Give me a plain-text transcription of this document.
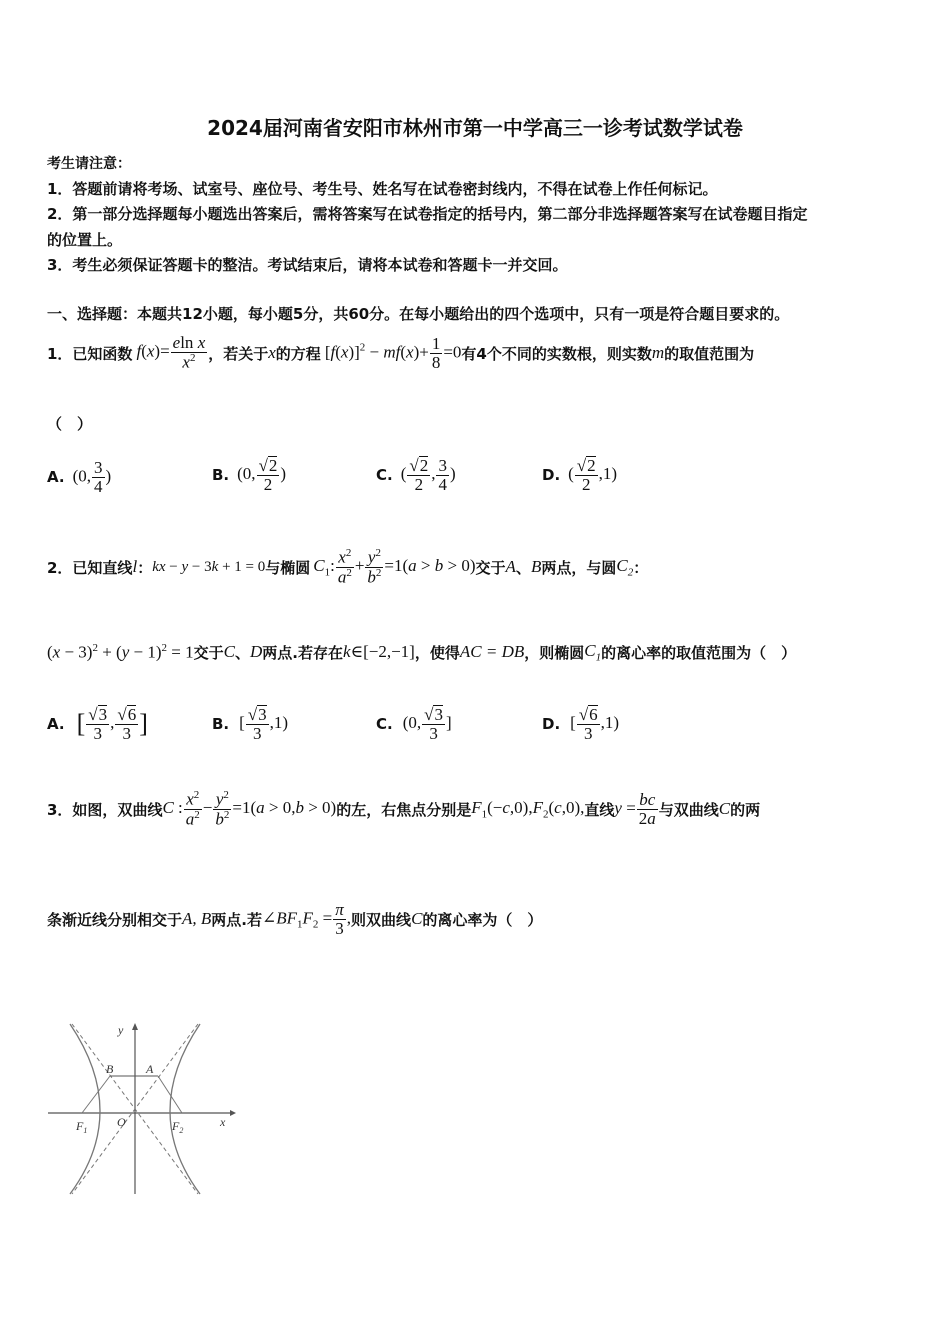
2024届河南省安阳市林州市第一中学高三一诊考试数学试卷
考生请注意：
1．答题前请将考场、试室号、座位号、考生号、姓名写在试卷密封线内，不得在试卷上作任何标记。
2．第一部分选择题每小题选出答案后，需将答案写在试卷指定的括号内，第二部分非选择题答案写在试卷题目指定
的位置上。
3．考生必须保证答题卡的整洁。考试结束后，请将本试卷和答题卡一并交回。
一、选择题：本题共12小题，每小题5分，共60分。在每小题给出的四个选项中，只有一项是符合题目要求的。
1．已知函数 $f(x)= \frac{\text{eln x}}{x^2}$ ，若关于 x 的方程 $[f(x)]^2 - mf(x)+ \frac{1}{8} =0$ 有4个不同的实数根，则实数 m 的取值范围为
（　）
A. (0, $\frac{3}{4}$ )	B. (0, $\frac{√2}{2}$ )	C. ( $\frac{√2}{2}$ , $\frac{3}{4}$ )	D. ( $\frac{√2}{2} ,1$)
2．已知直线 l ： kx − y − 3k + 1 = 0 与椭圆 $C_1$: $\frac{x^2}{a^2} + \frac{y^2}{b^2} =1(a > b > 0)$ 交于 A 、 B 两点，与圆 $C_2$ ：
$(x - 3)^2 + (y - 1)^2 = 1$ 交于 C 、 D 两点.若存在 k∈[−2,−1] ，使得 AC = DB ，则椭圆 $C_1$ 的离心率的取值范围为（　）
A. [ $\frac{√3}{3}$ , $\frac{√6}{3}$ ]	B. [ $\frac{√3}{3} ,1$)	C. (0, $\frac{√3}{3}$ ]	D. [ $\frac{√6}{3} ,1$)
3．如图，双曲线 C : $\frac{x^2}{a^2} - \frac{y^2}{b^2} =1(a > 0,b > 0)$ 的左，右焦点分别是 $F_1(-c,0),F_2(c,0)$, 直线 $y = \frac{bc}{2a}$ 与双曲线 C 的两
条渐近线分别相交于 A, B 两点.若 $\angle BF_1F_2 = \frac{\pi}{3}$ , 则双曲线 C 的离心率为（　）
y
x
B	A
O
$F_1$	$F_2$
